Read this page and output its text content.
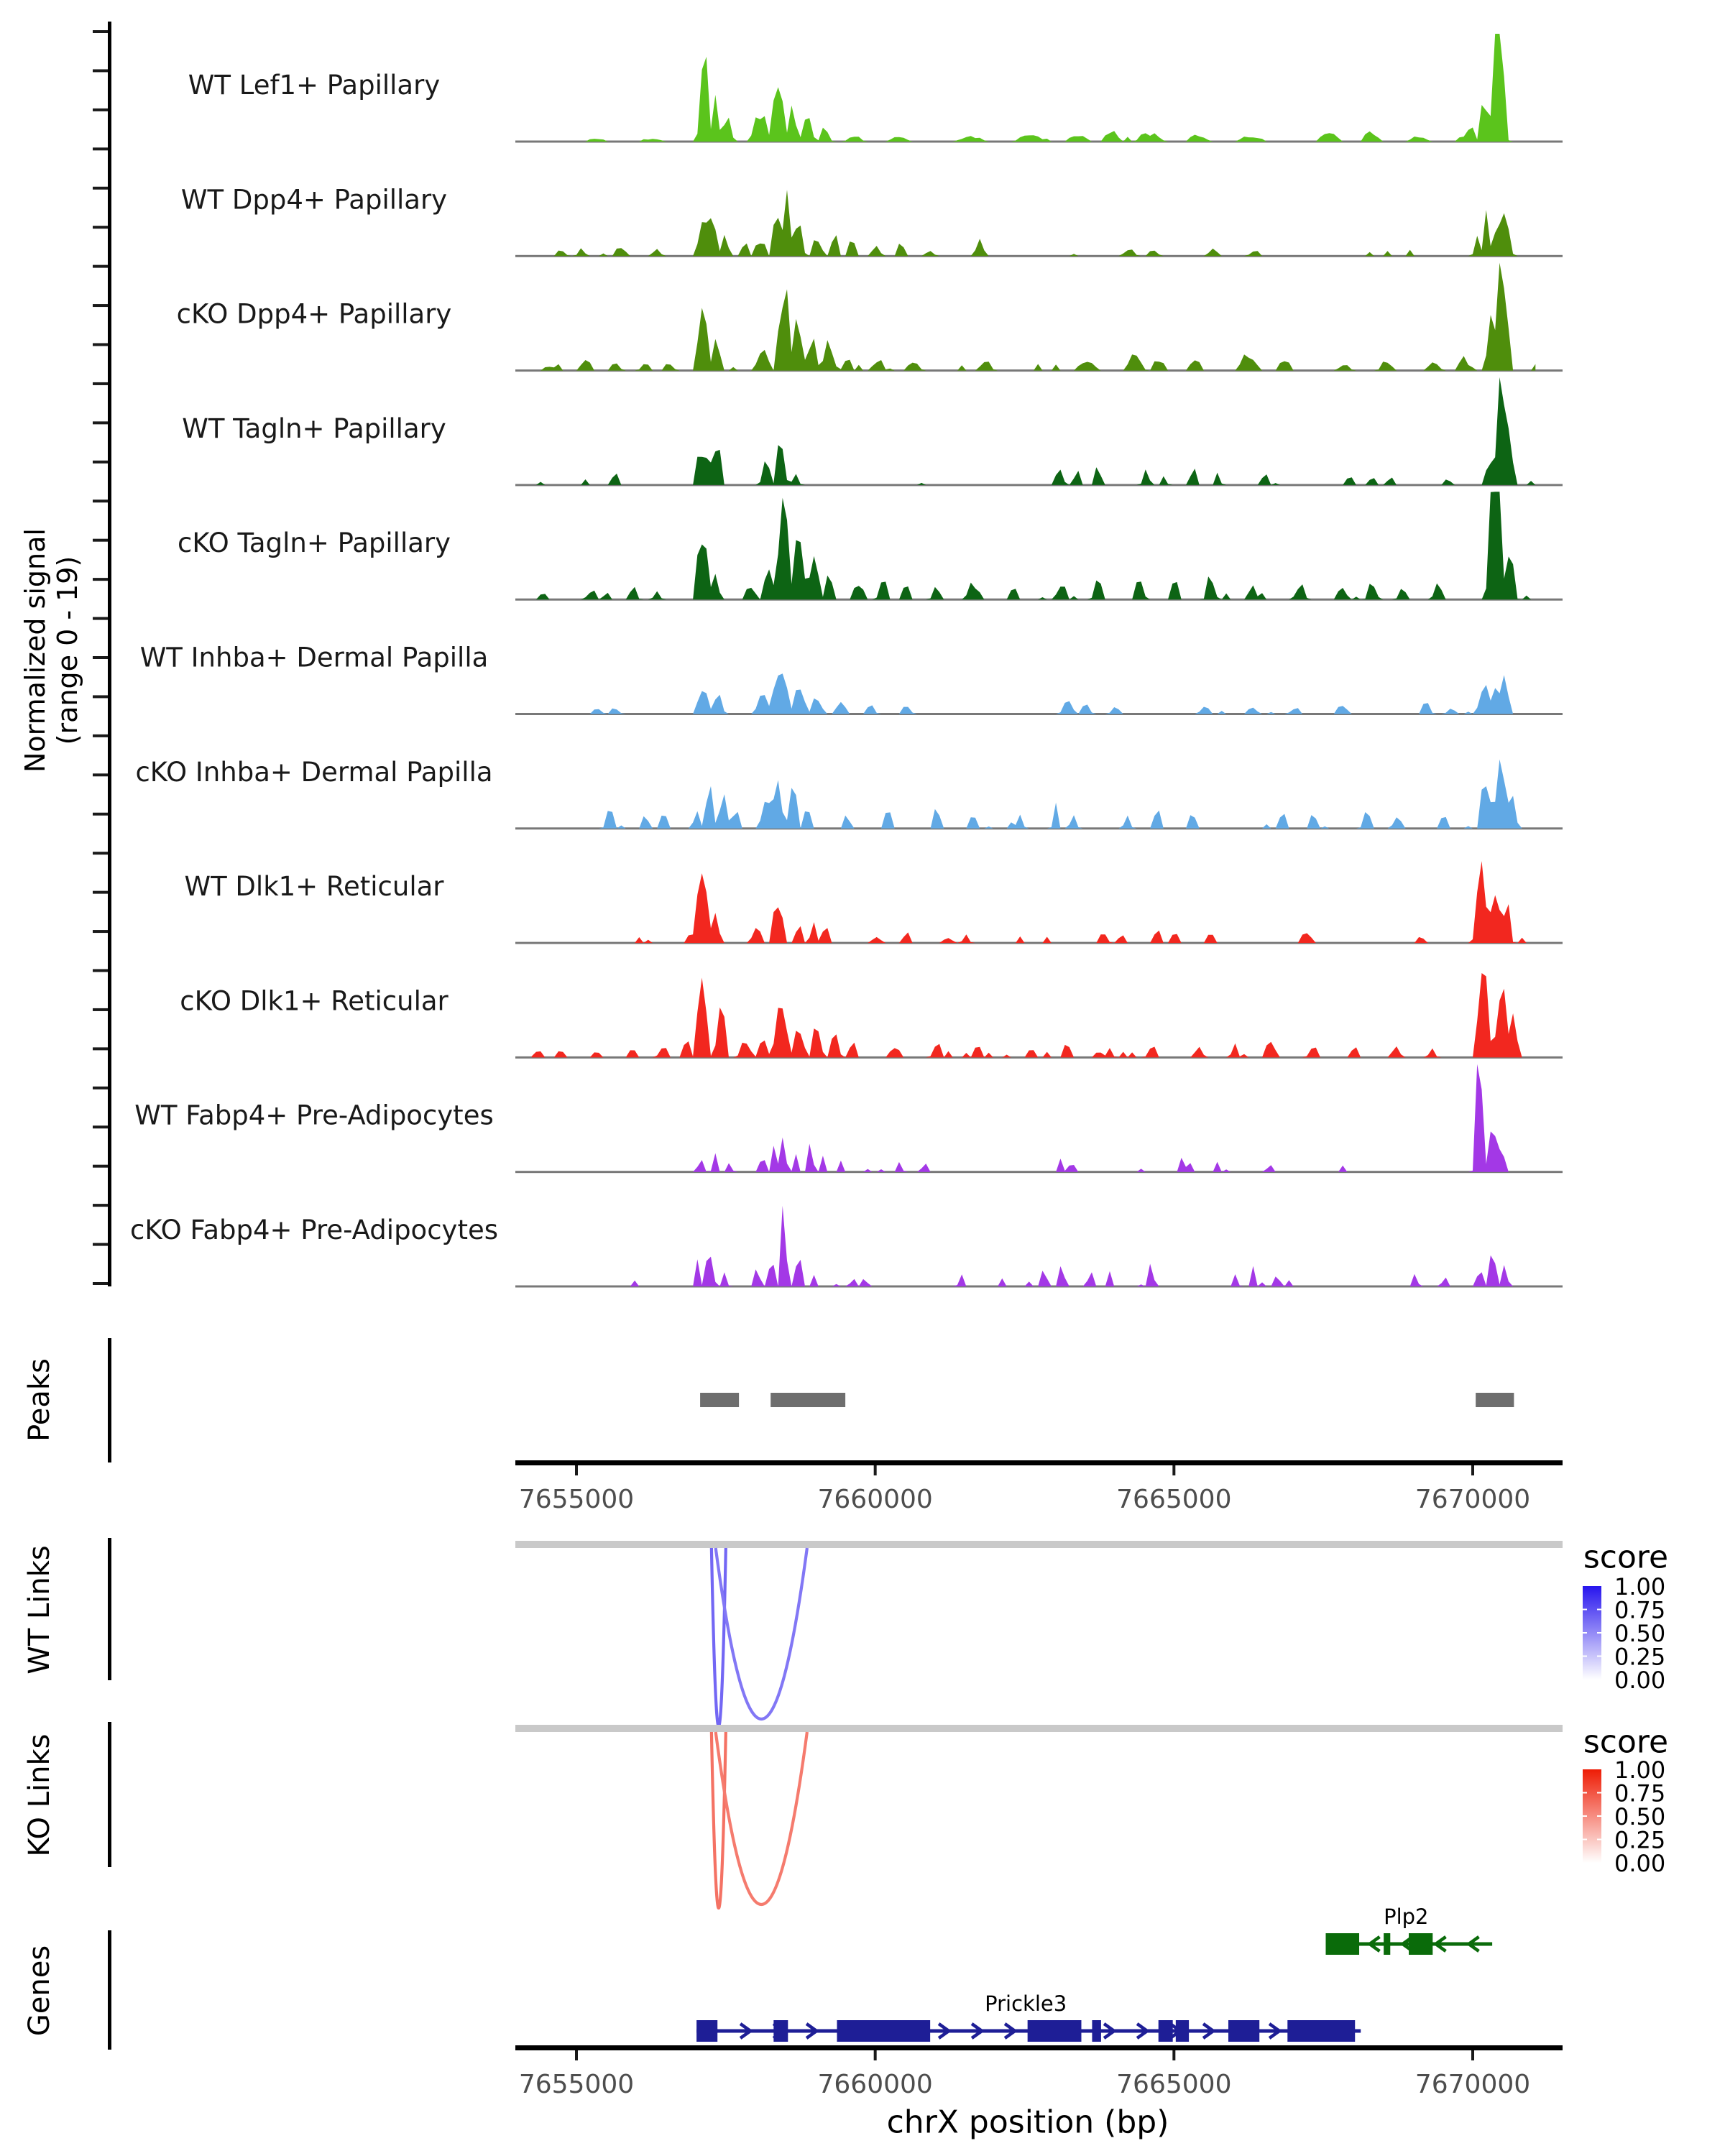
WT Lef1+ Papillary
WT Dpp4+ Papillary
cKO Dpp4+ Papillary
WT Tagln+ Papillary
cKO Tagln+ Papillary
WT Inhba+ Dermal Papilla
cKO Inhba+ Dermal Papilla
WT Dlk1+ Reticular
cKO Dlk1+ Reticular
WT Fabp4+ Pre-Adipocytes
cKO Fabp4+ Pre-Adipocytes
7655000	7660000	7665000	7670000
7655000	7660000	7665000	7670000
1.00
0.75
0.50
0.25
0.00
1.00
0.75
0.50
0.25
0.00
Prickle3
Plp2
Normalized signal (range 0 - 19)
Peaks
WT Links
KO Links
Genes
score
score
chrX position (bp)
